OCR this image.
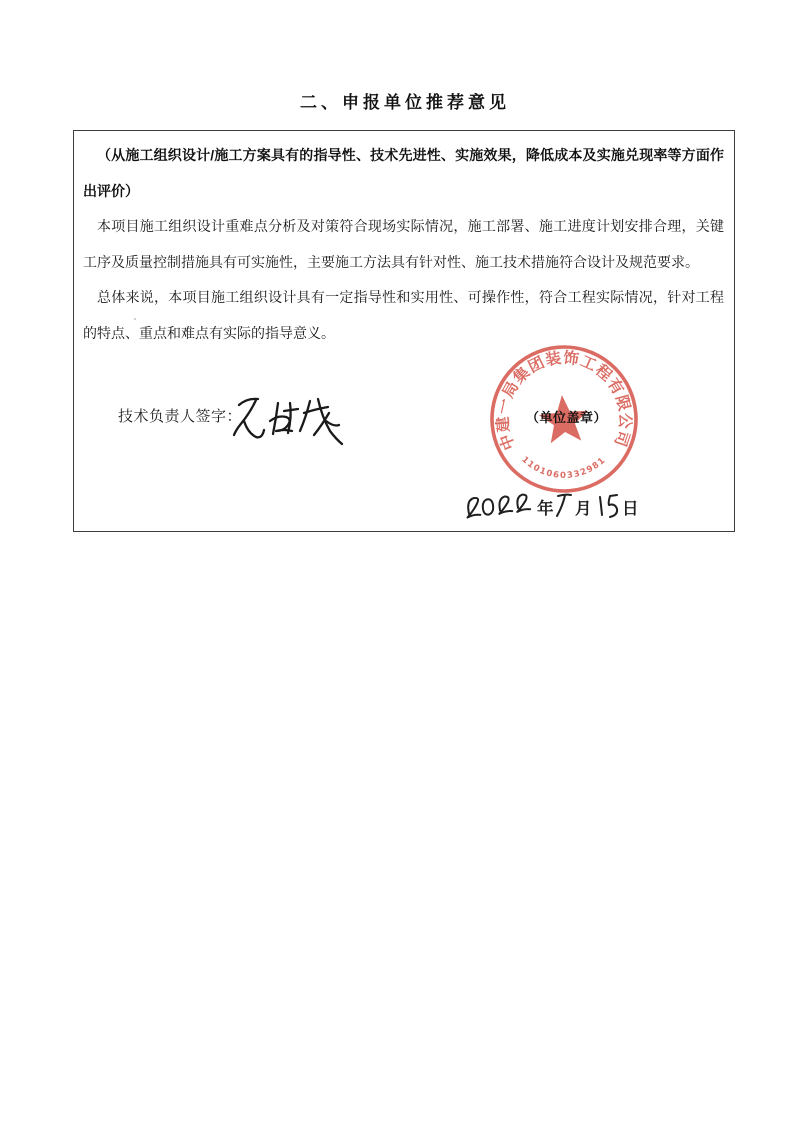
二、申报单位推荐意见

（从施工组织设计/施工方案具有的指导性、技术先进性、实施效果，降低成本及实施兑现率等方面作出评价）

本项目施工组织设计重难点分析及对策符合现场实际情况，施工部署、施工进度计划安排合理，关键工序及质量控制措施具有可实施性，主要施工方法具有针对性、施工技术措施符合设计及规范要求。

总体来说，本项目施工组织设计具有一定指导性和实用性、可操作性，符合工程实际情况，针对工程的特点、重点和难点有实际的指导意义。

技术负责人签字：
中建一局集团装饰工程有限公司
1101060332981
（单位盖章）
年 月 日
